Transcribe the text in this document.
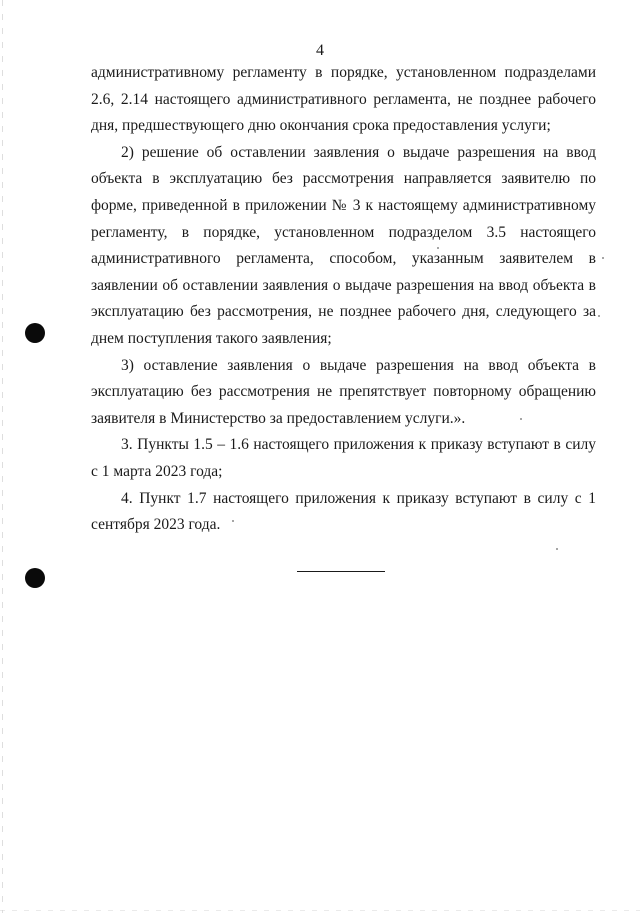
4

административному регламенту в порядке, установленном подразделами 2.6, 2.14 настоящего административного регламента, не позднее рабочего дня, предшествующего дню окончания срока предоставления услуги;

2) решение об оставлении заявления о выдаче разрешения на ввод объекта в эксплуатацию без рассмотрения направляется заявителю по форме, приведенной в приложении № 3 к настоящему административному регламенту, в порядке, установленном подразделом 3.5 настоящего административного регламента, способом, указанным заявителем в заявлении об оставлении заявления о выдаче разрешения на ввод объекта в эксплуатацию без рассмотрения, не позднее рабочего дня, следующего за днем поступления такого заявления;

3) оставление заявления о выдаче разрешения на ввод объекта в эксплуатацию без рассмотрения не препятствует повторному обращению заявителя в Министерство за предоставлением услуги.».

3. Пункты 1.5 – 1.6 настоящего приложения к приказу вступают в силу с 1 марта 2023 года;

4. Пункт 1.7 настоящего приложения к приказу вступают в силу с 1 сентября 2023 года.
